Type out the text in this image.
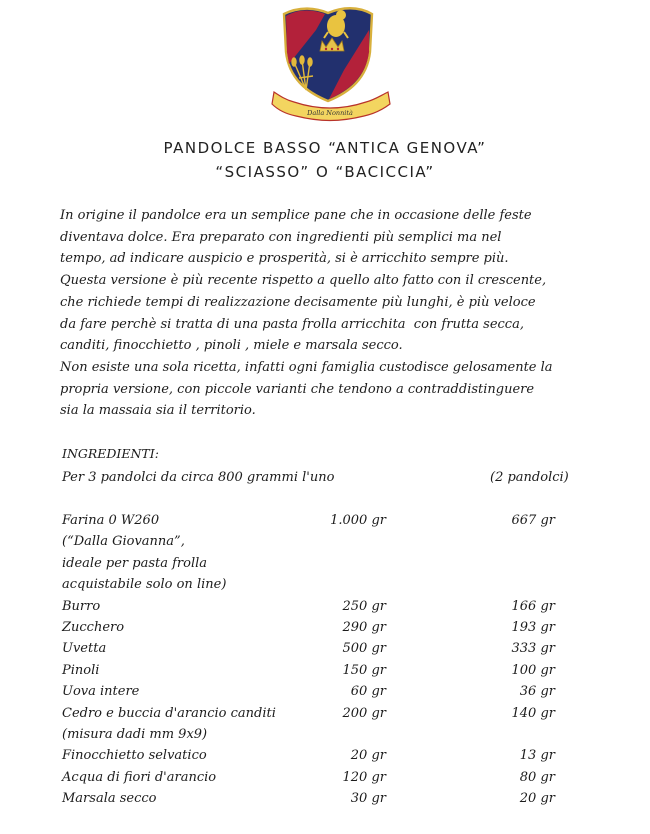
Dalla Nonnità
PANDOLCE BASSO “ANTICA GENOVA”
“SCIASSO” O “BACICCIA”
In origine il pandolce era un semplice pane che in occasione delle feste
diventava dolce. Era preparato con ingredienti più semplici ma nel
tempo, ad indicare auspicio e prosperità, si è arricchito sempre più.
Questa versione è più recente rispetto a quello alto fatto con il crescente,
che richiede tempi di realizzazione decisamente più lunghi, è più veloce
da fare perchè si tratta di una pasta frolla arricchita  con frutta secca,
canditi, finocchietto , pinoli , miele e marsala secco.
Non esiste una sola ricetta, infatti ogni famiglia custodisce gelosamente la
propria versione, con piccole varianti che tendono a contraddistinguere
sia la massaia sia il territorio.
INGREDIENTI:
Per 3 pandolci da circa 800 grammi l'uno	(2 pandolci)
Farina 0 W260	1.000 gr	667 gr
(“Dalla Giovanna”,
ideale per pasta frolla
acquistabile solo on line)
Burro	250 gr	166 gr
Zucchero	290 gr	193 gr
Uvetta	500 gr	333 gr
Pinoli	150 gr	100 gr
Uova intere	60 gr	36 gr
Cedro e buccia d'arancio canditi	200 gr	140 gr
(misura dadi mm 9x9)
Finocchietto selvatico	20 gr	13 gr
Acqua di fiori d'arancio	120 gr	80 gr
Marsala secco	30 gr	20 gr
